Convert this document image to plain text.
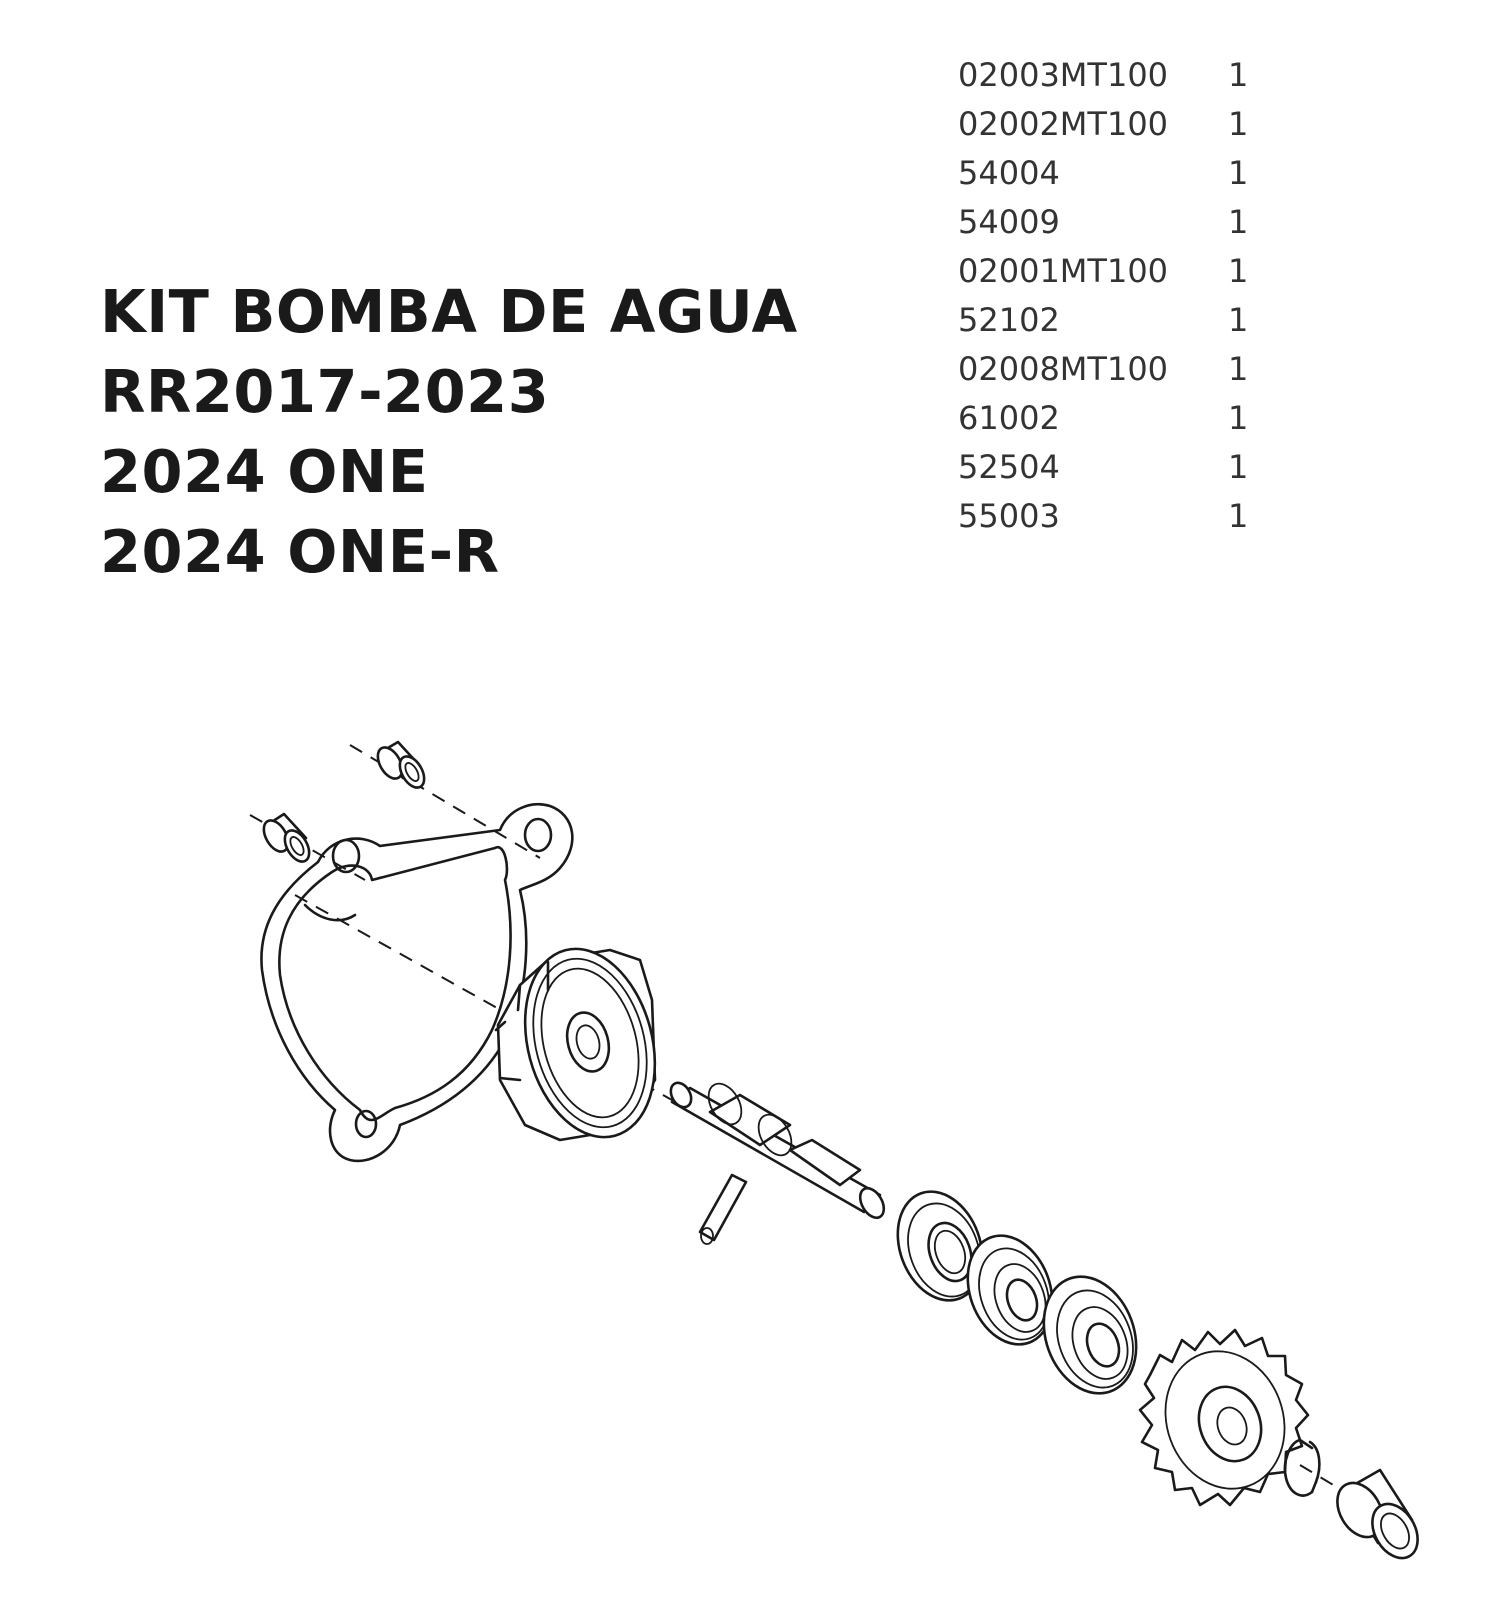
KIT BOMBA DE AGUA
RR2017-2023
2024 ONE
2024 ONE-R
02003MT100	1
02002MT100	1
54004	1
54009	1
02001MT100	1
52102	1
02008MT100	1
61002	1
52504	1
55003	1
